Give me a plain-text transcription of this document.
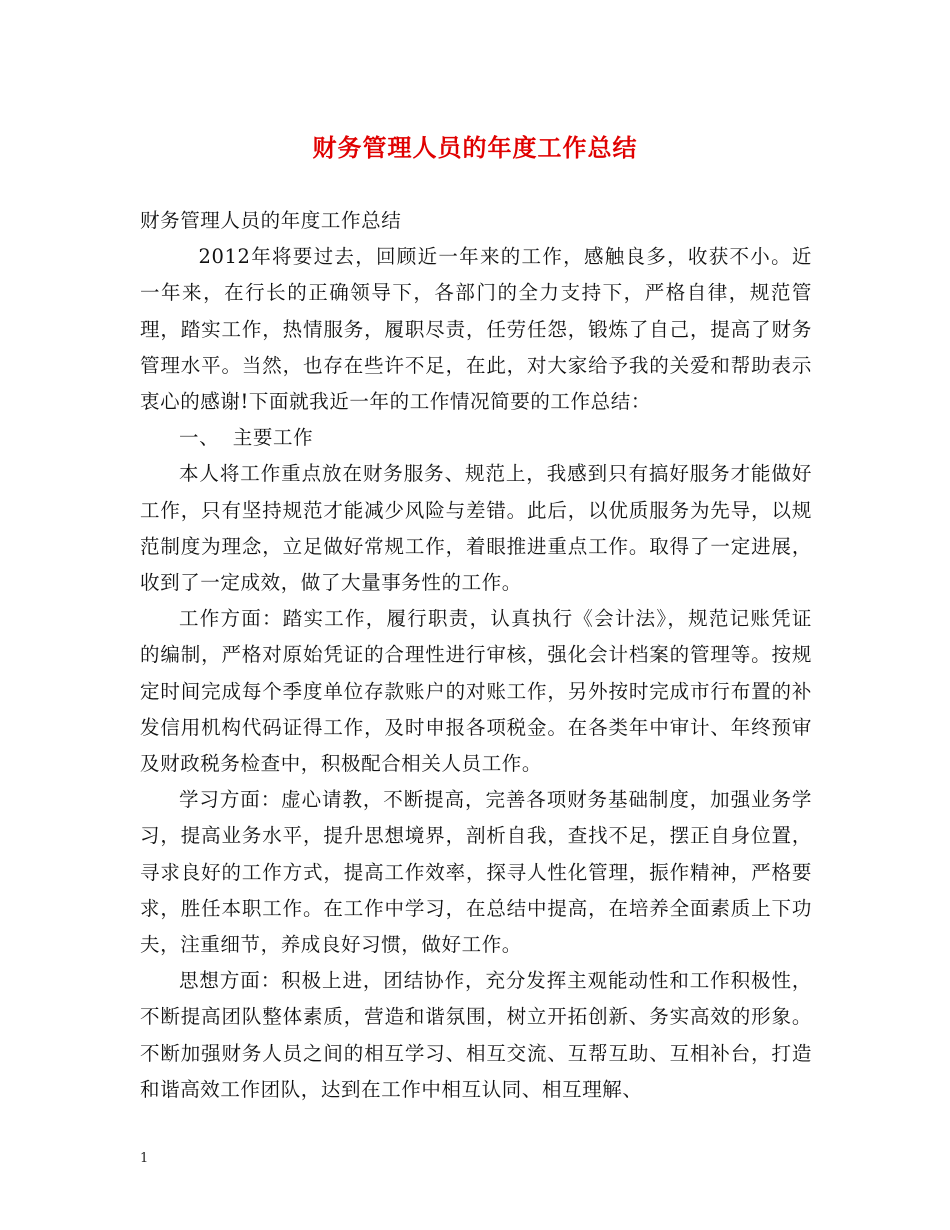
财务管理人员的年度工作总结

财务管理人员的年度工作总结

2012年将要过去，回顾近一年来的工作，感触良多，收获不小。近一年来，在行长的正确领导下，各部门的全力支持下，严格自律，规范管理，踏实工作，热情服务，履职尽责，任劳任怨，锻炼了自己，提高了财务管理水平。当然，也存在些许不足，在此，对大家给予我的关爱和帮助表示衷心的感谢!下面就我近一年的工作情况简要的工作总结：

一、  主要工作

本人将工作重点放在财务服务、规范上，我感到只有搞好服务才能做好工作，只有坚持规范才能减少风险与差错。此后，以优质服务为先导，以规范制度为理念，立足做好常规工作，着眼推进重点工作。取得了一定进展，收到了一定成效，做了大量事务性的工作。

工作方面：踏实工作，履行职责，认真执行《会计法》，规范记账凭证的编制，严格对原始凭证的合理性进行审核，强化会计档案的管理等。按规定时间完成每个季度单位存款账户的对账工作，另外按时完成市行布置的补发信用机构代码证得工作，及时申报各项税金。在各类年中审计、年终预审及财政税务检查中，积极配合相关人员工作。

学习方面：虚心请教，不断提高，完善各项财务基础制度，加强业务学习，提高业务水平，提升思想境界，剖析自我，查找不足，摆正自身位置，寻求良好的工作方式，提高工作效率，探寻人性化管理，振作精神，严格要求，胜任本职工作。在工作中学习，在总结中提高，在培养全面素质上下功夫，注重细节，养成良好习惯，做好工作。

思想方面：积极上进，团结协作，充分发挥主观能动性和工作积极性，不断提高团队整体素质，营造和谐氛围，树立开拓创新、务实高效的形象。不断加强财务人员之间的相互学习、相互交流、互帮互助、互相补台，打造和谐高效工作团队，达到在工作中相互认同、相互理解、

1
